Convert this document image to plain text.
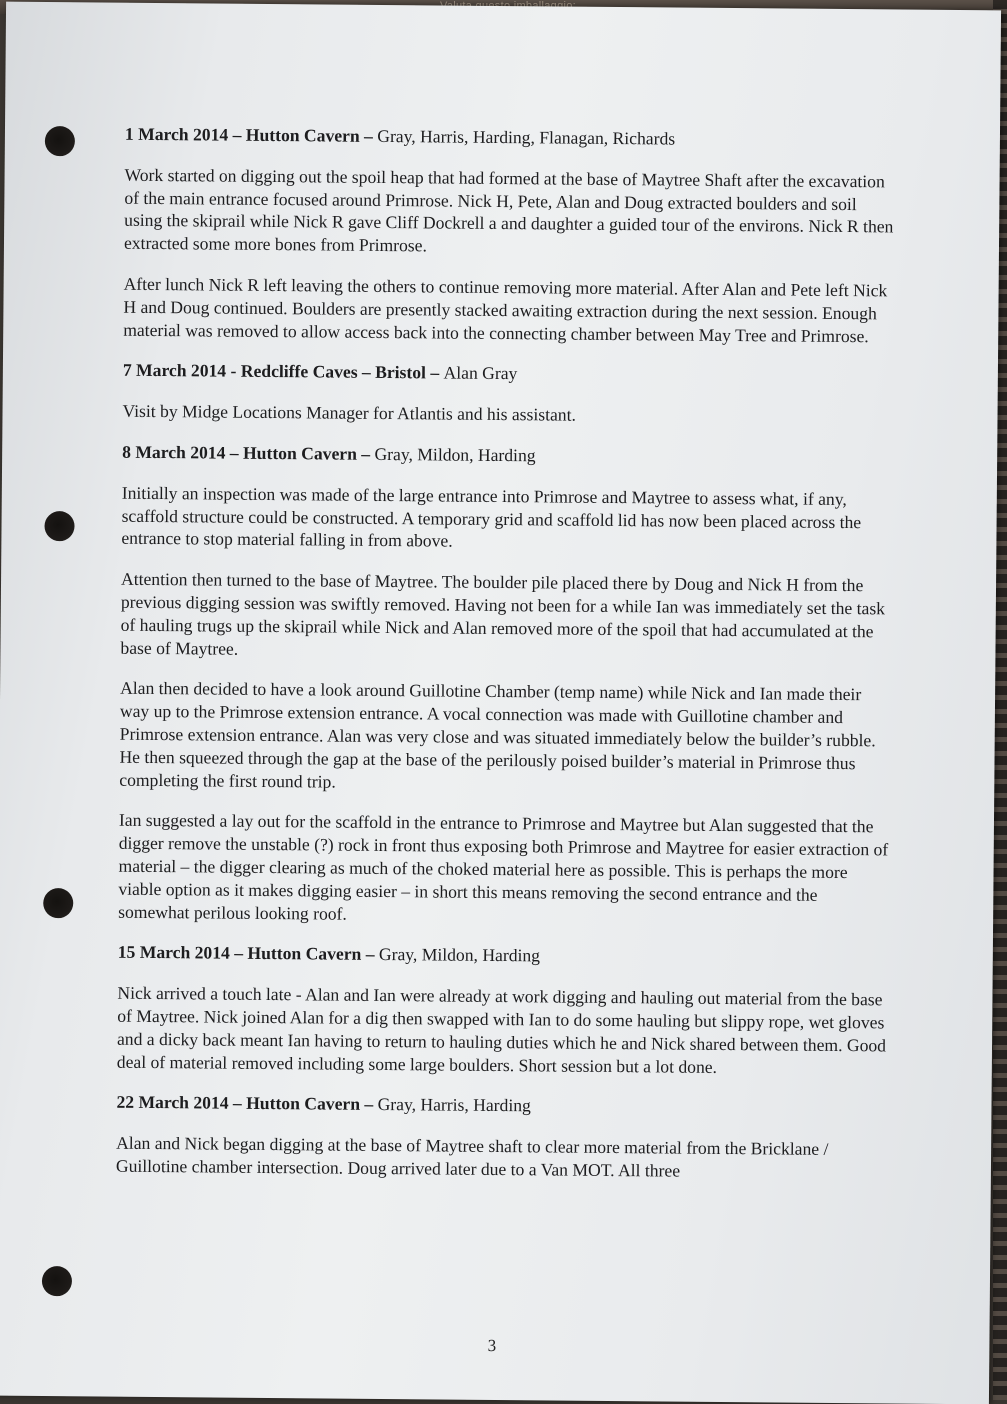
1 March 2014 – Hutton Cavern – Gray, Harris, Harding, Flanagan, Richards

Work started on digging out the spoil heap that had formed at the base of Maytree Shaft after the excavation of the main entrance focused around Primrose. Nick H, Pete, Alan and Doug extracted boulders and soil using the skiprail while Nick R gave Cliff Dockrell a and daughter a guided tour of the environs. Nick R then extracted some more bones from Primrose.

After lunch Nick R left leaving the others to continue removing more material. After Alan and Pete left Nick H and Doug continued. Boulders are presently stacked awaiting extraction during the next session. Enough material was removed to allow access back into the connecting chamber between May Tree and Primrose.

7 March 2014 - Redcliffe Caves – Bristol – Alan Gray

Visit by Midge Locations Manager for Atlantis and his assistant.

8 March 2014 – Hutton Cavern – Gray, Mildon, Harding

Initially an inspection was made of the large entrance into Primrose and Maytree to assess what, if any, scaffold structure could be constructed. A temporary grid and scaffold lid has now been placed across the entrance to stop material falling in from above.

Attention then turned to the base of Maytree. The boulder pile placed there by Doug and Nick H from the previous digging session was swiftly removed. Having not been for a while Ian was immediately set the task of hauling trugs up the skiprail while Nick and Alan removed more of the spoil that had accumulated at the base of Maytree.

Alan then decided to have a look around Guillotine Chamber (temp name) while Nick and Ian made their way up to the Primrose extension entrance. A vocal connection was made with Guillotine chamber and Primrose extension entrance. Alan was very close and was situated immediately below the builder’s rubble. He then squeezed through the gap at the base of the perilously poised builder’s material in Primrose thus completing the first round trip.

Ian suggested a lay out for the scaffold in the entrance to Primrose and Maytree but Alan suggested that the digger remove the unstable (?) rock in front thus exposing both Primrose and Maytree for easier extraction of material – the digger clearing as much of the choked material here as possible. This is perhaps the more viable option as it makes digging easier – in short this means removing the second entrance and the somewhat perilous looking roof.

15 March 2014 – Hutton Cavern – Gray, Mildon, Harding

Nick arrived a touch late - Alan and Ian were already at work digging and hauling out material from the base of Maytree. Nick joined Alan for a dig then swapped with Ian to do some hauling but slippy rope, wet gloves and a dicky back meant Ian having to return to hauling duties which he and Nick shared between them. Good deal of material removed including some large boulders. Short session but a lot done.

22 March 2014 – Hutton Cavern – Gray, Harris, Harding

Alan and Nick began digging at the base of Maytree shaft to clear more material from the Bricklane / Guillotine chamber intersection. Doug arrived later due to a Van MOT. All three

3
